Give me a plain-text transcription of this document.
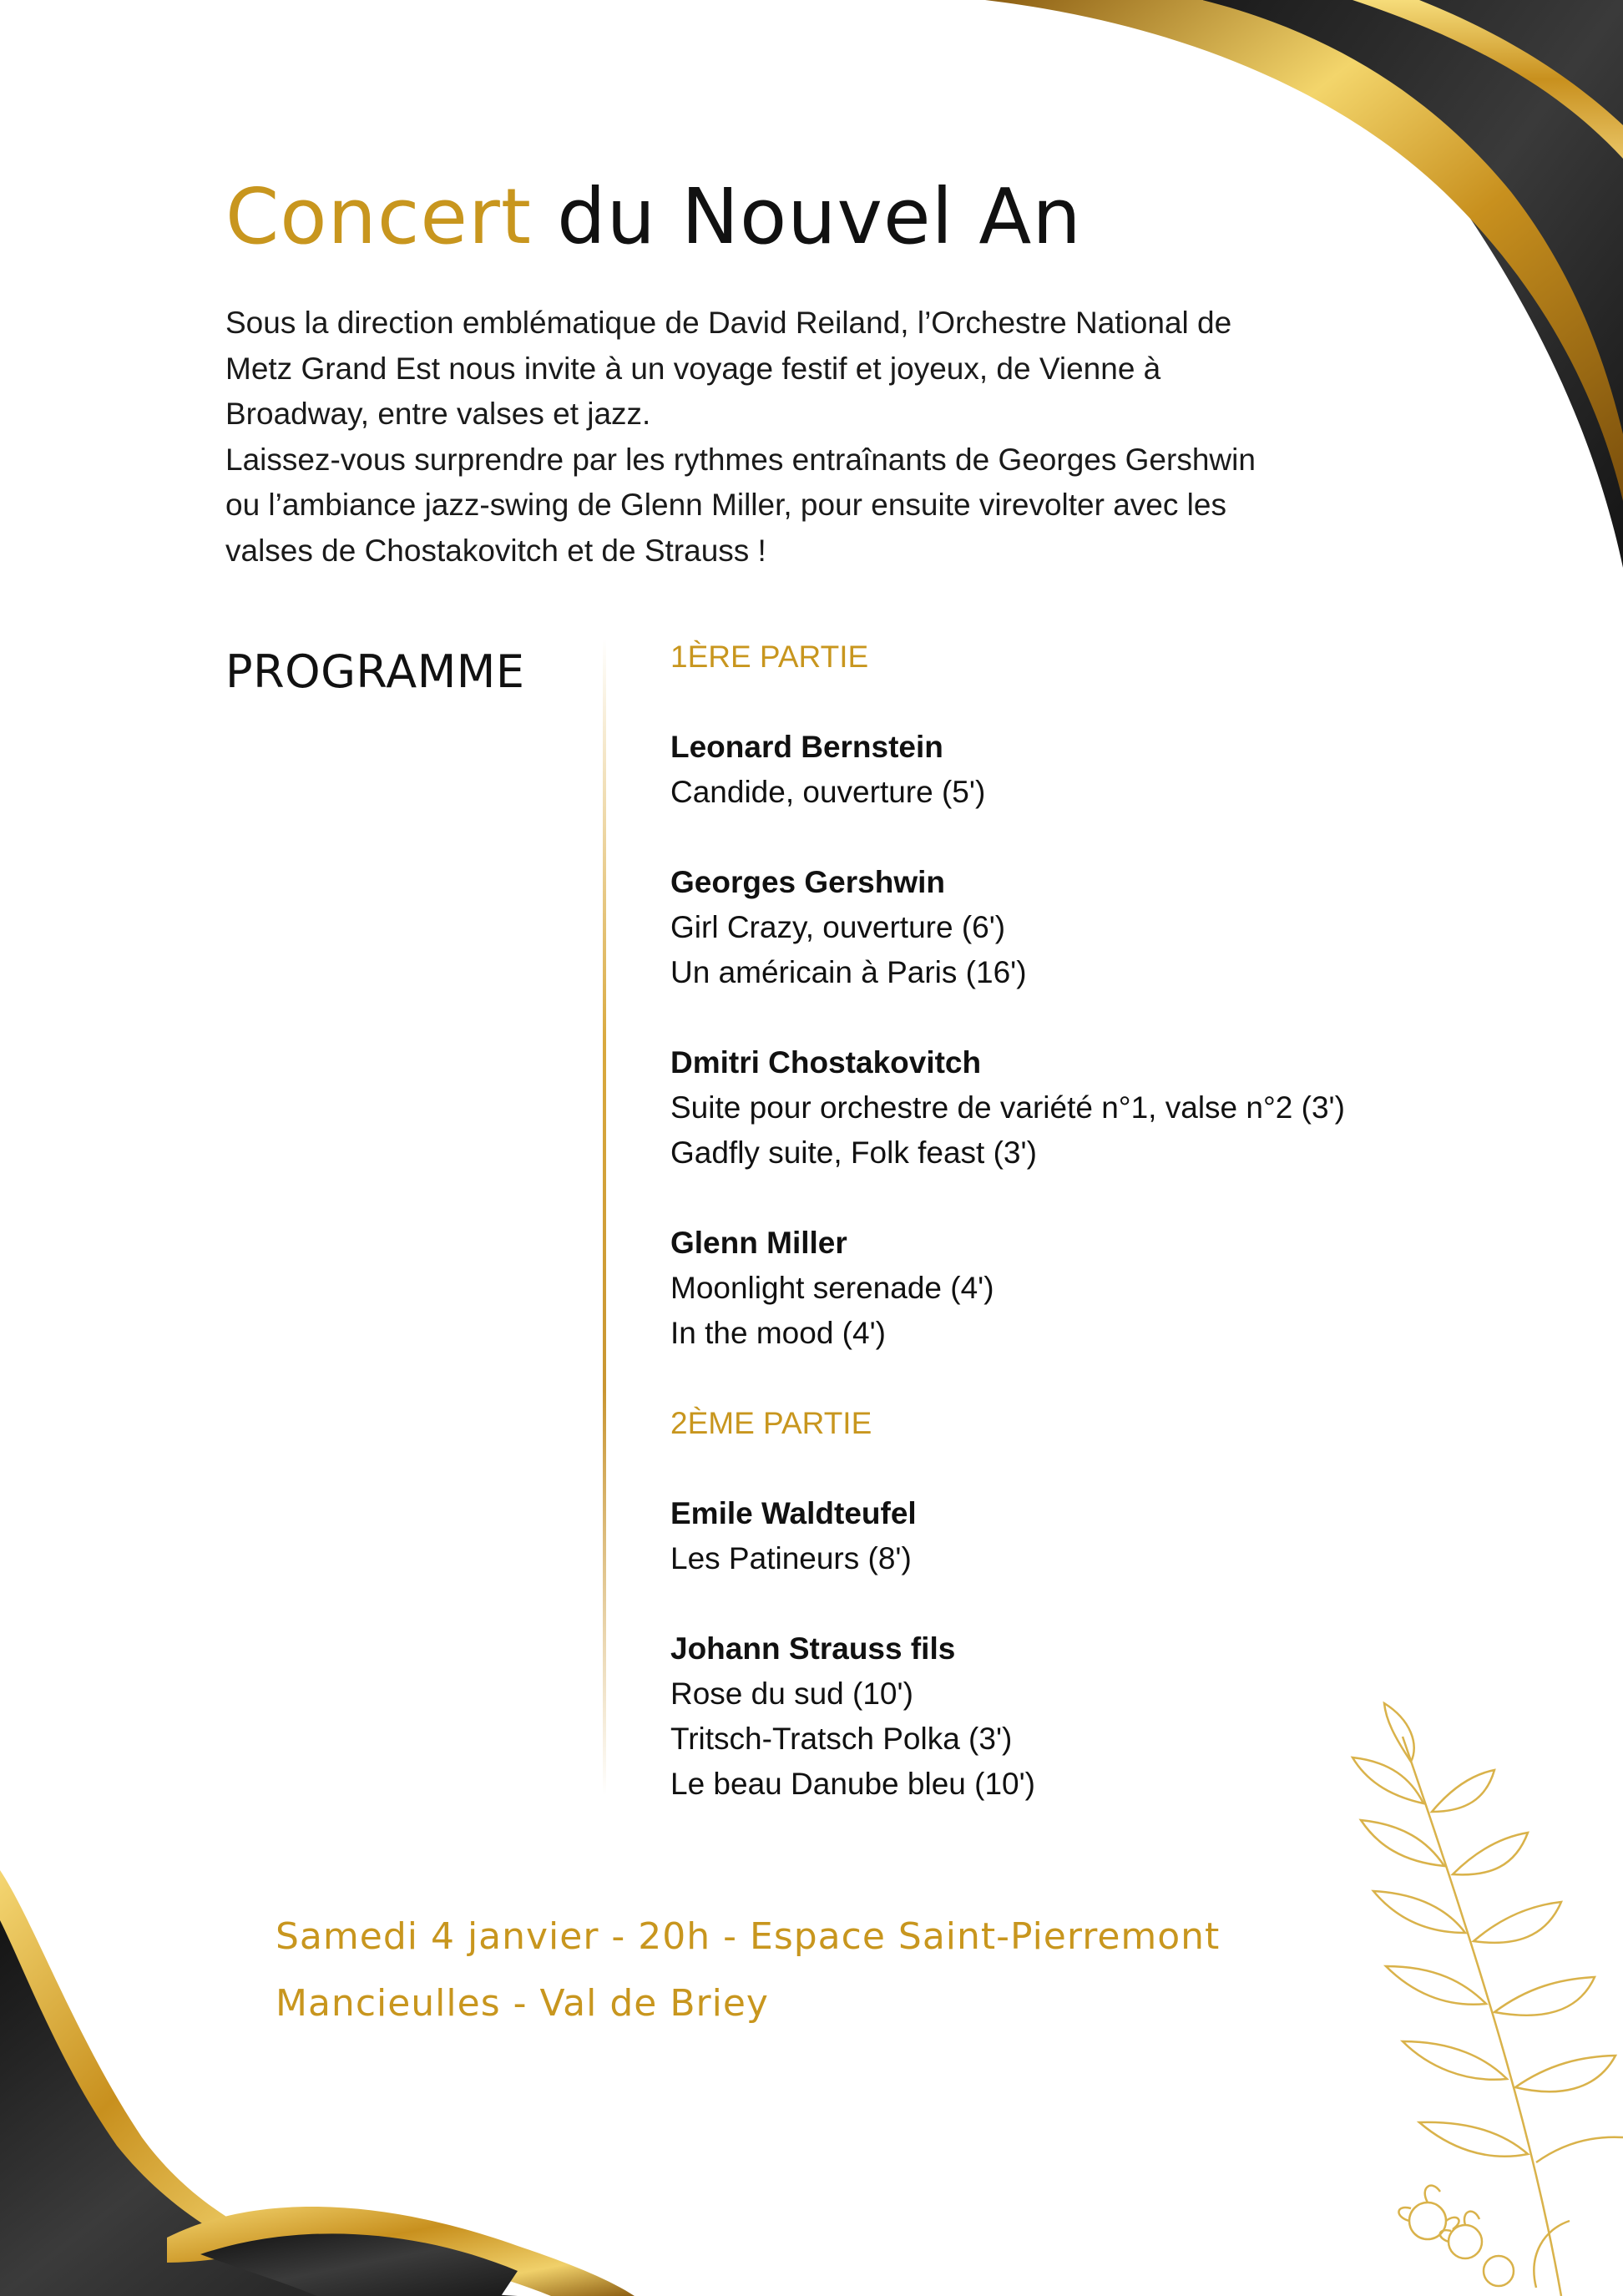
Concert du Nouvel An

Sous la direction emblématique de David Reiland, l’Orchestre National de

Metz Grand Est nous invite à un voyage festif et joyeux, de Vienne à

Broadway, entre valses et jazz.

Laissez-vous surprendre par les rythmes entraînants de Georges Gershwin

ou l’ambiance jazz-swing de Glenn Miller, pour ensuite virevolter avec les

valses de Chostakovitch et de Strauss !

PROGRAMME	1ÈRE PARTIE

Leonard Bernstein

Candide, ouverture (5')

Georges Gershwin

Girl Crazy, ouverture (6')

Un américain à Paris (16')

Dmitri Chostakovitch

Suite pour orchestre de variété n°1, valse n°2 (3')

Gadfly suite, Folk feast (3')

Glenn Miller

Moonlight serenade (4')

In the mood (4')

2ÈME PARTIE

Emile Waldteufel

Les Patineurs (8')

Johann Strauss fils

Rose du sud (10')

Tritsch-Tratsch Polka (3')

Le beau Danube bleu (10')

Samedi 4 janvier - 20h - Espace Saint-Pierremont

Mancieulles - Val de Briey
